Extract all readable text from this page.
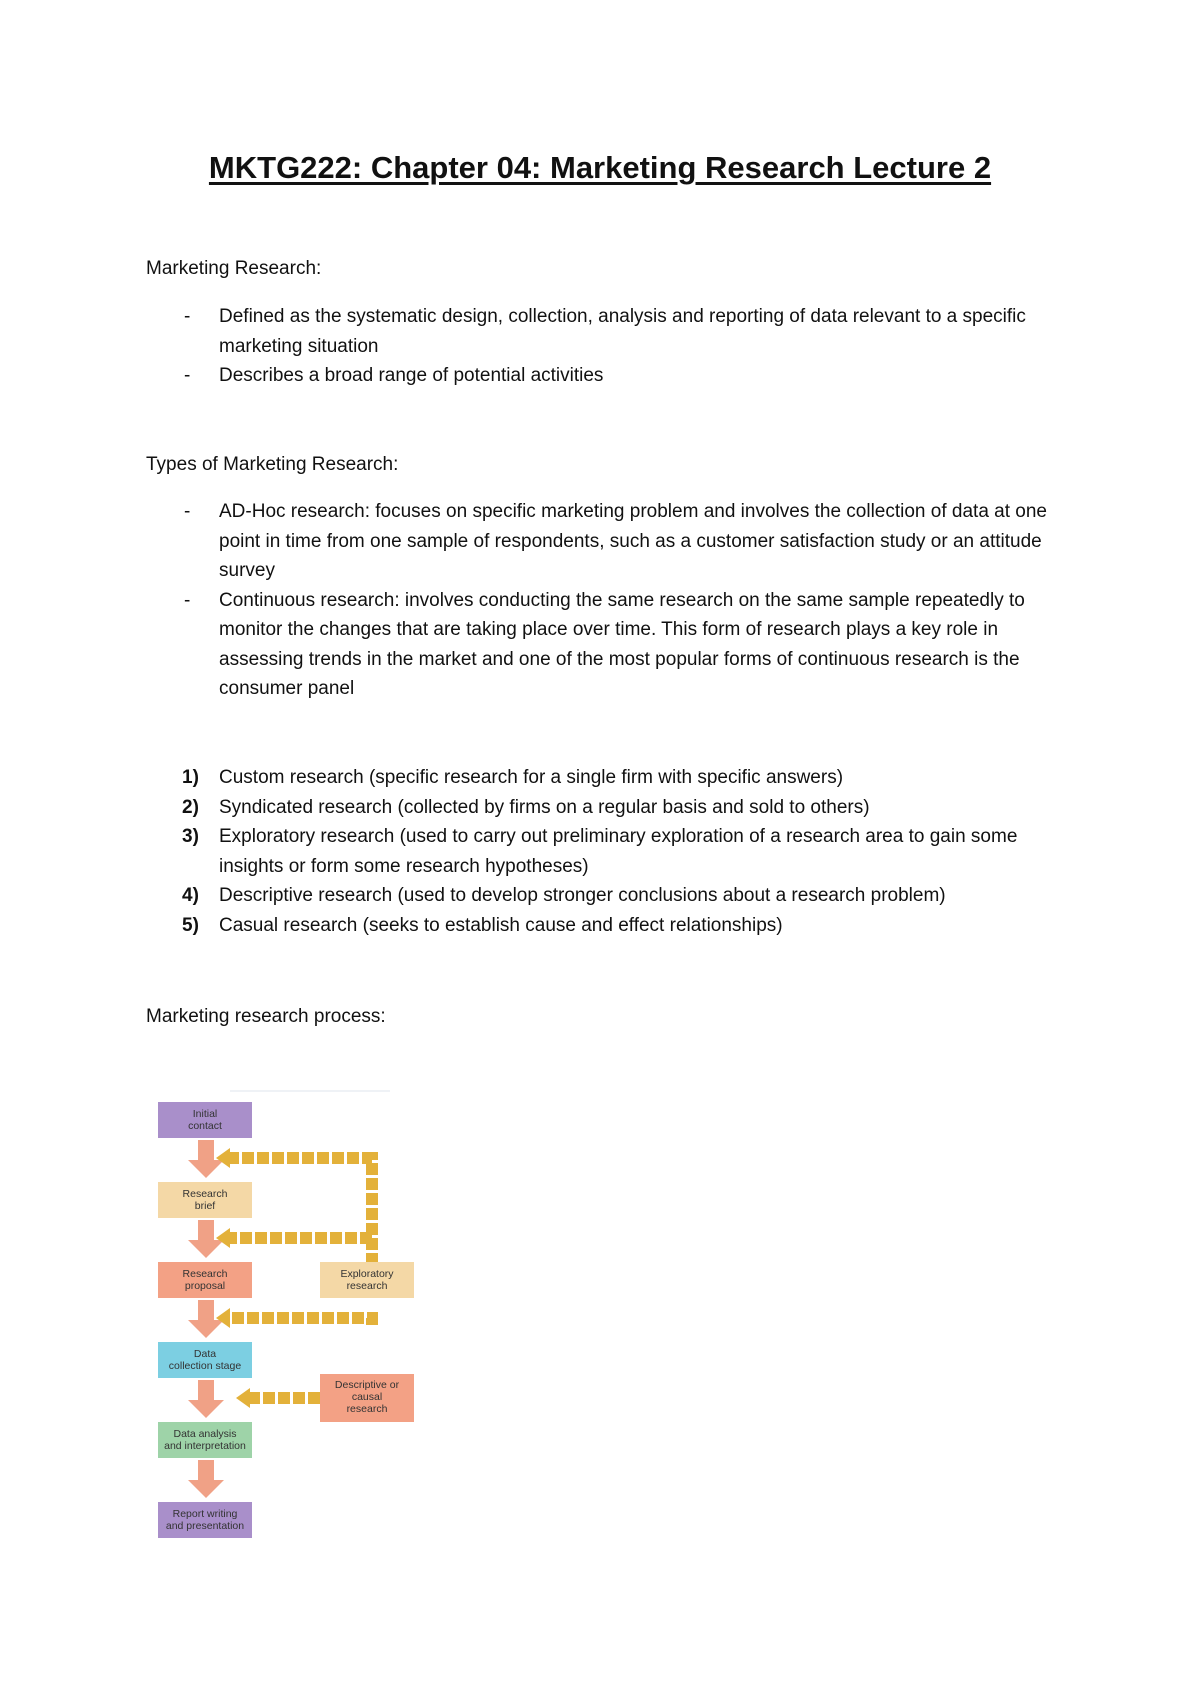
MKTG222: Chapter 04: Marketing Research Lecture 2
Marketing Research:
- Defined as the systematic design, collection, analysis and reporting of data relevant to a specific marketing situation
- Describes a broad range of potential activities
Types of Marketing Research:
- AD-Hoc research: focuses on specific marketing problem and involves the collection of data at one point in time from one sample of respondents, such as a customer satisfaction study or an attitude survey
- Continuous research: involves conducting the same research on the same sample repeatedly to monitor the changes that are taking place over time. This form of research plays a key role in assessing trends in the market and one of the most popular forms of continuous research is the consumer panel
1) Custom research (specific research for a single firm with specific answers)
2) Syndicated research (collected by firms on a regular basis and sold to others)
3) Exploratory research (used to carry out preliminary exploration of a research area to gain some insights or form some research hypotheses)
4) Descriptive research (used to develop stronger conclusions about a research problem)
5) Casual research (seeks to establish cause and effect relationships)
Marketing research process:
Initial contact
Research brief
Research proposal
Data collection stage
Data analysis and interpretation
Report writing and presentation
Exploratory research
Descriptive or causal research
